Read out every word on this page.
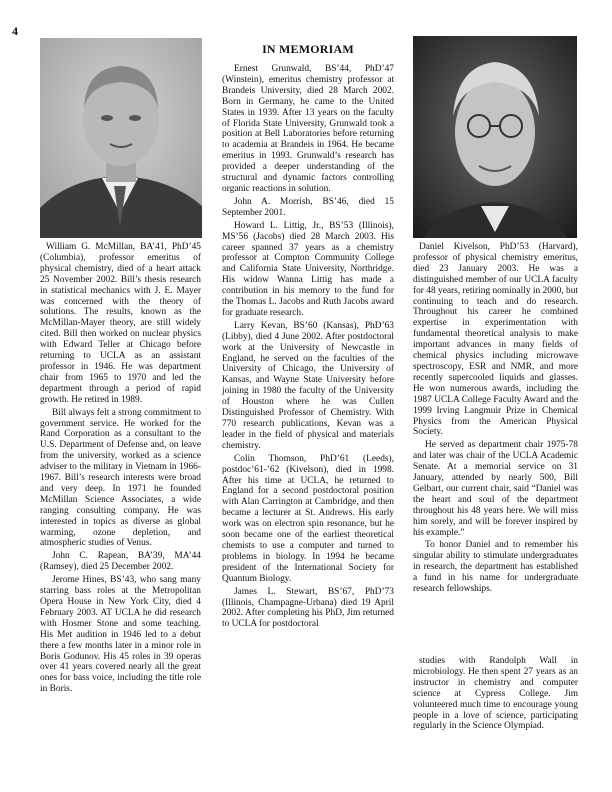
4
IN MEMORIAM

William G. McMillan, BA’41, PhD’45 (Columbia), professor emeritus of physical chemistry, died of a heart attack 25 November 2002. Bill’s thesis research in statistical mechanics with J. E. Mayer was concerned with the theory of solutions. The results, known as the McMillan-Mayer theory, are still widely cited. Bill then worked on nuclear physics with Edward Teller at Chicago before returning to UCLA as an assistant professor in 1946. He was department chair from 1965 to 1970 and led the department through a period of rapid growth. He retired in 1989.

Bill always felt a strong commitment to government service. He worked for the Rand Corporation as a consultant to the U.S. Department of Defense and, on leave from the university, worked as a science adviser to the military in Vietnam in 1966-1967. Bill’s research interests were broad and very deep. In 1971 he founded McMillan Science Associates, a wide ranging consulting company. He was interested in topics as diverse as global warming, ozone depletion, and atmospheric studies of Venus.

John C. Rapean, BA’39, MA’44 (Ramsey), died 25 December 2002.

Jerome Hines, BS’43, who sang many starring bass roles at the Metropolitan Opera House in New York City, died 4 February 2003. AT UCLA he did research with Hosmer Stone and some teaching. His Met audition in 1946 led to a debut there a few months later in a minor role in Boris Godunov. His 45 roles in 39 operas over 41 years covered nearly all the great ones for bass voice, including the title role in Boris.

Ernest Grunwald, BS’44, PhD’47 (Winstein), emeritus chemistry professor at Brandeis University, died 28 March 2002. Born in Germany, he came to the United States in 1939. After 13 years on the faculty of Florida State University, Grunwald took a position at Bell Laboratories before returning to academia at Brandeis in 1964. He became emeritus in 1993. Grunwald’s research has provided a deeper understanding of the structural and dynamic factors controlling organic reactions in solution.

John A. Morrish, BS’46, died 15 September 2001.

Howard L. Littig, Jr., BS’53 (Illinois), MS’56 (Jacobs) died 28 March 2003. His career spanned 37 years as a chemistry professor at Compton Community College and California State University, Northridge. His widow Wanna Littig has made a contribution in his memory to the fund for the Thomas L. Jacobs and Ruth Jacobs award for graduate research.

Larry Kevan, BS’60 (Kansas), PhD’63 (Libby), died 4 June 2002. After postdoctoral work at the University of Newcastle in England, he served on the faculties of the University of Chicago, the University of Kansas, and Wayne State University before joining in 1980 the faculty of the University of Houston where he was Cullen Distinguished Professor of Chemistry. With 770 research publications, Kevan was a leader in the field of physical and materials chemistry.

Colin Thomson, PhD’61 (Leeds), postdoc’61-’62 (Kivelson), died in 1998. After his time at UCLA, he returned to England for a second postdoctoral position with Alan Carrington at Cambridge, and then became a lecturer at St. Andrews. His early work was on electron spin resonance, but he soon became one of the earliest theoretical chemists to use a computer and turned to problems in biology. In 1994 he became president of the International Society for Quantum Biology.

James L. Stewart, BS’67, PhD’73 (Illinois, Champagne-Urbana) died 19 April 2002. After completing his PhD, Jim returned to UCLA for postdoctoral

Daniel Kivelson, PhD’53 (Harvard), professor of physical chemistry emeritus, died 23 January 2003. He was a distinguished member of our UCLA faculty for 48 years, retiring nominally in 2000, but continuing to teach and do research. Throughout his career he combined expertise in experimentation with fundamental theoretical analysis to make important advances in many fields of chemical physics including microwave spectroscopy, ESR and NMR, and more recently supercooled liquids and glasses. He won numerous awards, including the 1987 UCLA College Faculty Award and the 1999 Irving Langmuir Prize in Chemical Physics from the American Physical Society.

He served as department chair 1975-78 and later was chair of the UCLA Academic Senate. At a memorial service on 31 January, attended by nearly 500, Bill Gelbart, our current chair, said “Daniel was the heart and soul of the department throughout his 48 years here. We will miss him sorely, and will be forever inspired by his example.”

To honor Daniel and to remember his singular ability to stimulate undergraduates in research, the department has established a fund in his name for undergraduate research fellowships.

studies with Randolph Wall in microbiology. He then spent 27 years as an instructor in chemistry and computer science at Cypress College. Jim volunteered much time to encourage young people in a love of science, participating regularly in the Science Olympiad.
